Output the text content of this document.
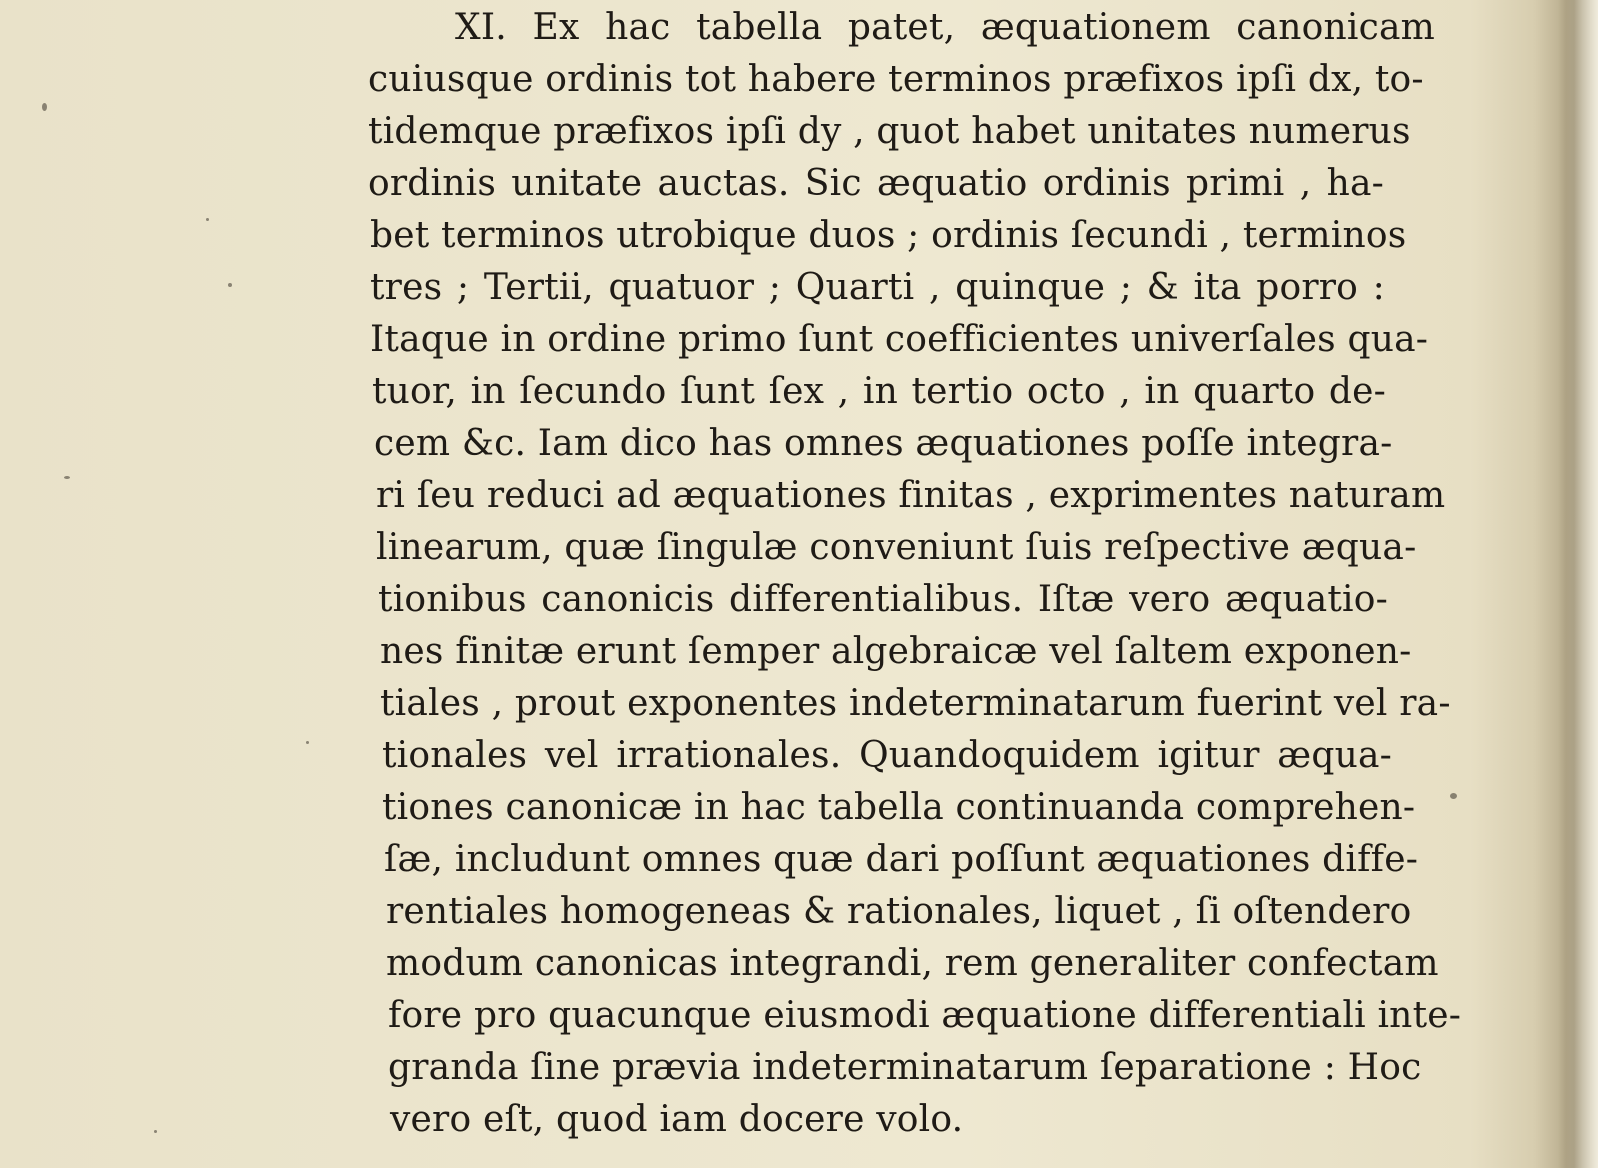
XI. Ex hac tabella patet, æquationem canonicam
cuiusque ordinis tot habere terminos præfixos ipſi dx, to-
tidemque præfixos ipſi dy , quot habet unitates numerus
ordinis unitate auctas. Sic æquatio ordinis primi , ha-
bet terminos utrobique duos ; ordinis ſecundi , terminos
tres ; Tertii, quatuor ; Quarti , quinque ; & ita porro :
Itaque in ordine primo ſunt coefficientes univerſales qua-
tuor, in ſecundo ſunt ſex , in tertio octo , in quarto de-
cem &c. Iam dico has omnes æquationes poſſe integra-
ri ſeu reduci ad æquationes finitas , exprimentes naturam
linearum, quæ ſingulæ conveniunt ſuis reſpective æqua-
tionibus canonicis differentialibus. Iſtæ vero æquatio-
nes finitæ erunt ſemper algebraicæ vel ſaltem exponen-
tiales , prout exponentes indeterminatarum fuerint vel ra-
tionales vel irrationales. Quandoquidem igitur æqua-
tiones canonicæ in hac tabella continuanda comprehen-
ſæ, includunt omnes quæ dari poſſunt æquationes diffe-
rentiales homogeneas & rationales, liquet , ſi oſtendero
modum canonicas integrandi, rem generaliter confectam
fore pro quacunque eiusmodi æquatione differentiali inte-
granda ſine prævia indeterminatarum ſeparatione : Hoc
vero eſt, quod iam docere volo.
